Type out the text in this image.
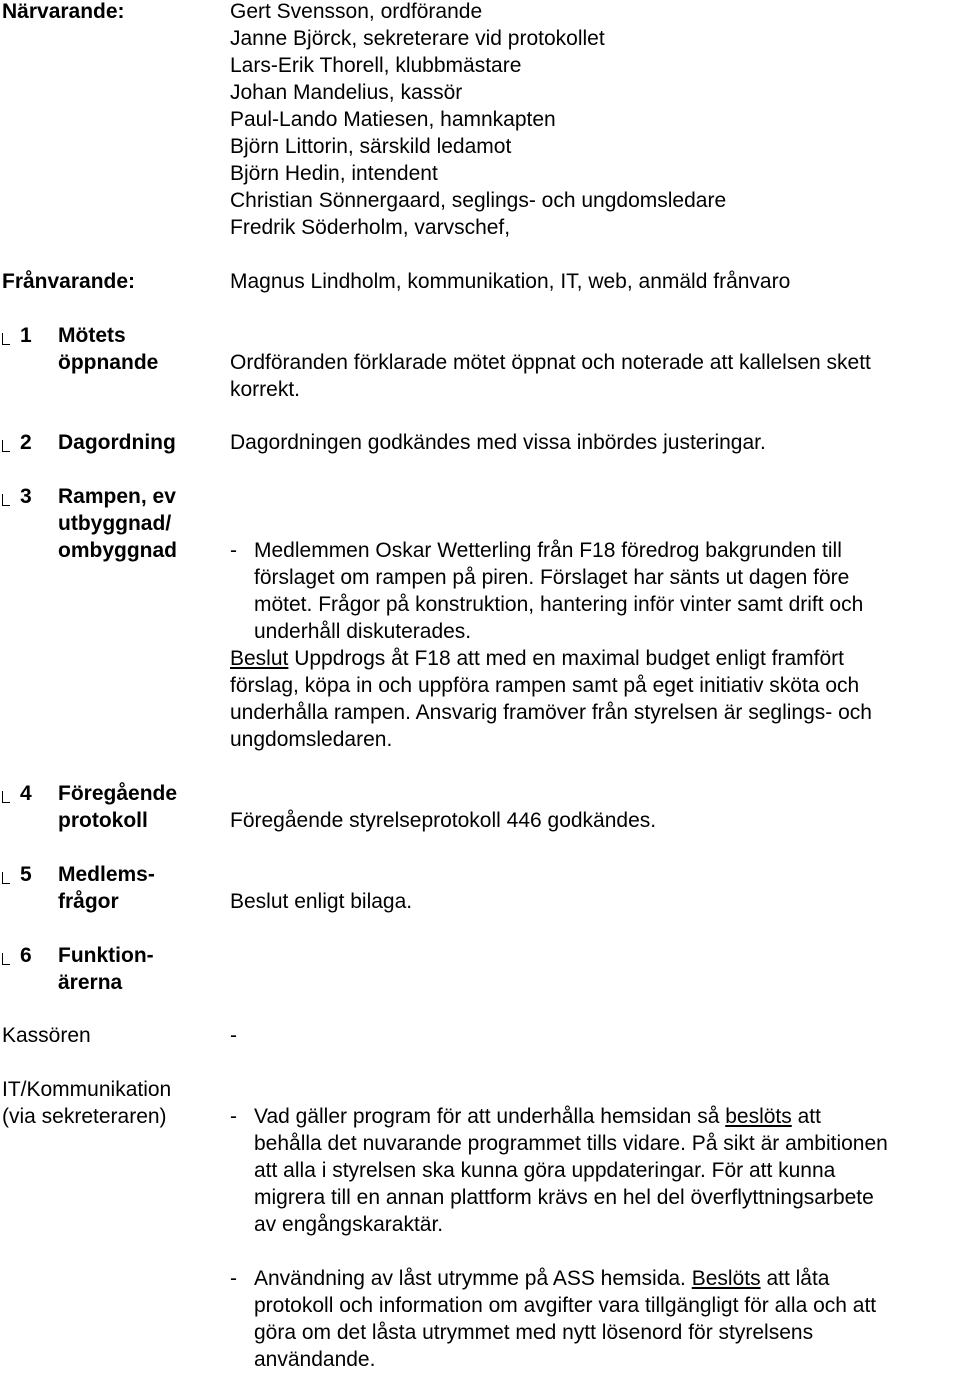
Närvarande:	Gert Svensson, ordförande
Janne Björck, sekreterare vid protokollet
Lars-Erik Thorell, klubbmästare
Johan Mandelius, kassör
Paul-Lando Matiesen, hamnkapten
Björn Littorin, särskild ledamot
Björn Hedin, intendent
Christian Sönnergaard, seglings- och ungdomsledare
Fredrik Söderholm, varvschef,
Frånvarande:	Magnus Lindholm, kommunikation, IT, web, anmäld frånvaro
1 Mötets
öppnande	Ordföranden förklarade mötet öppnat och noterade att kallelsen skett
korrekt.
2 Dagordning	Dagordningen godkändes med vissa inbördes justeringar.
3 Rampen, ev
utbyggnad/
ombyggnad	- Medlemmen Oskar Wetterling från F18 föredrog bakgrunden till
förslaget om rampen på piren. Förslaget har sänts ut dagen före
mötet. Frågor på konstruktion, hantering inför vinter samt drift och
underhåll diskuterades.
Beslut Uppdrogs åt F18 att med en maximal budget enligt framfört
förslag, köpa in och uppföra rampen samt på eget initiativ sköta och
underhålla rampen. Ansvarig framöver från styrelsen är seglings- och
ungdomsledaren.
4 Föregående
protokoll	Föregående styrelseprotokoll 446 godkändes.
5 Medlems-
frågor	Beslut enligt bilaga.
6 Funktion-
ärerna
Kassören	-
IT/Kommunikation
(via sekreteraren)	- Vad gäller program för att underhålla hemsidan så beslöts att
behålla det nuvarande programmet tills vidare. På sikt är ambitionen
att alla i styrelsen ska kunna göra uppdateringar. För att kunna
migrera till en annan plattform krävs en hel del överflyttningsarbete
av engångskaraktär.
- Användning av låst utrymme på ASS hemsida. Beslöts att låta
protokoll och information om avgifter vara tillgängligt för alla och att
göra om det låsta utrymmet med nytt lösenord för styrelsens
användande.
